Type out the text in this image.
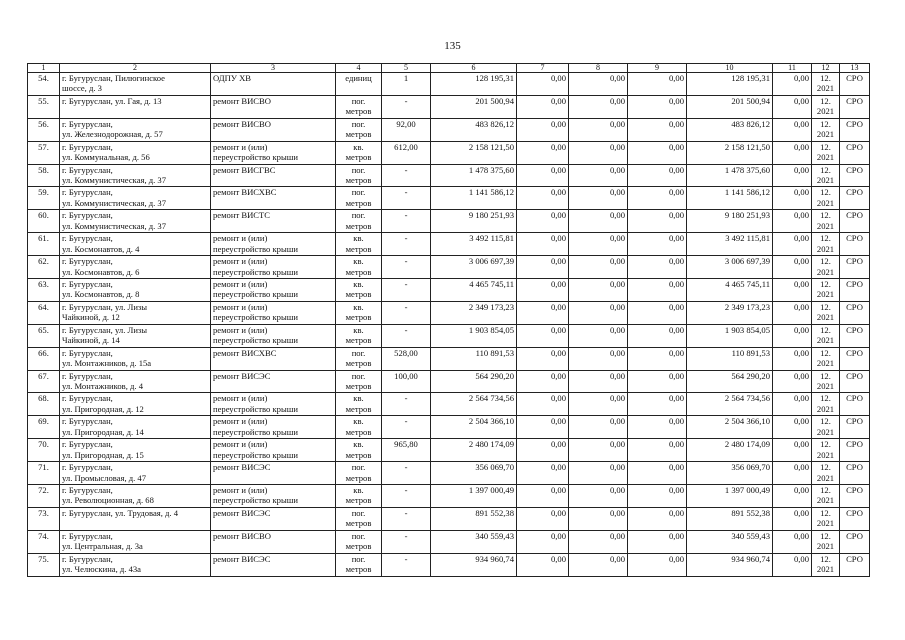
135
1	2	3	4	5	6	7	8	9	10	11	12	13
54.	г. Бугуруслан, Пилюгинское
шоссе, д. 3	ОДПУ ХВ	единиц	1	128 195,31	0,00	0,00	0,00	128 195,31	0,00	12.
2021	СРО
55.	г. Бугуруслан, ул. Гая, д. 13	ремонт ВИСВО	пог.
метров	-	201 500,94	0,00	0,00	0,00	201 500,94	0,00	12.
2021	СРО
56.	г. Бугуруслан,
ул. Железнодорожная, д. 57	ремонт ВИСВО	пог.
метров	92,00	483 826,12	0,00	0,00	0,00	483 826,12	0,00	12.
2021	СРО
57.	г. Бугуруслан,
ул. Коммунальная, д. 56	ремонт и (или)
переустройство крыши	кв.
метров	612,00	2 158 121,50	0,00	0,00	0,00	2 158 121,50	0,00	12.
2021	СРО
58.	г. Бугуруслан,
ул. Коммунистическая, д. 37	ремонт ВИСГВС	пог.
метров	-	1 478 375,60	0,00	0,00	0,00	1 478 375,60	0,00	12.
2021	СРО
59.	г. Бугуруслан,
ул. Коммунистическая, д. 37	ремонт ВИСХВС	пог.
метров	-	1 141 586,12	0,00	0,00	0,00	1 141 586,12	0,00	12.
2021	СРО
60.	г. Бугуруслан,
ул. Коммунистическая, д. 37	ремонт ВИСТС	пог.
метров	-	9 180 251,93	0,00	0,00	0,00	9 180 251,93	0,00	12.
2021	СРО
61.	г. Бугуруслан,
ул. Космонавтов, д. 4	ремонт и (или)
переустройство крыши	кв.
метров	-	3 492 115,81	0,00	0,00	0,00	3 492 115,81	0,00	12.
2021	СРО
62.	г. Бугуруслан,
ул. Космонавтов, д. 6	ремонт и (или)
переустройство крыши	кв.
метров	-	3 006 697,39	0,00	0,00	0,00	3 006 697,39	0,00	12.
2021	СРО
63.	г. Бугуруслан,
ул. Космонавтов, д. 8	ремонт и (или)
переустройство крыши	кв.
метров	-	4 465 745,11	0,00	0,00	0,00	4 465 745,11	0,00	12.
2021	СРО
64.	г. Бугуруслан, ул. Лизы
Чайкиной, д. 12	ремонт и (или)
переустройство крыши	кв.
метров	-	2 349 173,23	0,00	0,00	0,00	2 349 173,23	0,00	12.
2021	СРО
65.	г. Бугуруслан, ул. Лизы
Чайкиной, д. 14	ремонт и (или)
переустройство крыши	кв.
метров	-	1 903 854,05	0,00	0,00	0,00	1 903 854,05	0,00	12.
2021	СРО
66.	г. Бугуруслан,
ул. Монтажников, д. 15а	ремонт ВИСХВС	пог.
метров	528,00	110 891,53	0,00	0,00	0,00	110 891,53	0,00	12.
2021	СРО
67.	г. Бугуруслан,
ул. Монтажников, д. 4	ремонт ВИСЭС	пог.
метров	100,00	564 290,20	0,00	0,00	0,00	564 290,20	0,00	12.
2021	СРО
68.	г. Бугуруслан,
ул. Пригородная, д. 12	ремонт и (или)
переустройство крыши	кв.
метров	-	2 564 734,56	0,00	0,00	0,00	2 564 734,56	0,00	12.
2021	СРО
69.	г. Бугуруслан,
ул. Пригородная, д. 14	ремонт и (или)
переустройство крыши	кв.
метров	-	2 504 366,10	0,00	0,00	0,00	2 504 366,10	0,00	12.
2021	СРО
70.	г. Бугуруслан,
ул. Пригородная, д. 15	ремонт и (или)
переустройство крыши	кв.
метров	965,80	2 480 174,09	0,00	0,00	0,00	2 480 174,09	0,00	12.
2021	СРО
71.	г. Бугуруслан,
ул. Промысловая, д. 47	ремонт ВИСЭС	пог.
метров	-	356 069,70	0,00	0,00	0,00	356 069,70	0,00	12.
2021	СРО
72.	г. Бугуруслан,
ул. Революционная, д. 68	ремонт и (или)
переустройство крыши	кв.
метров	-	1 397 000,49	0,00	0,00	0,00	1 397 000,49	0,00	12.
2021	СРО
73.	г. Бугуруслан, ул. Трудовая, д. 4	ремонт ВИСЭС	пог.
метров	-	891 552,38	0,00	0,00	0,00	891 552,38	0,00	12.
2021	СРО
74.	г. Бугуруслан,
ул. Центральная, д. 3а	ремонт ВИСВО	пог.
метров	-	340 559,43	0,00	0,00	0,00	340 559,43	0,00	12.
2021	СРО
75.	г. Бугуруслан,
ул. Челюскина, д. 43а	ремонт ВИСЭС	пог.
метров	-	934 960,74	0,00	0,00	0,00	934 960,74	0,00	12.
2021	СРО
